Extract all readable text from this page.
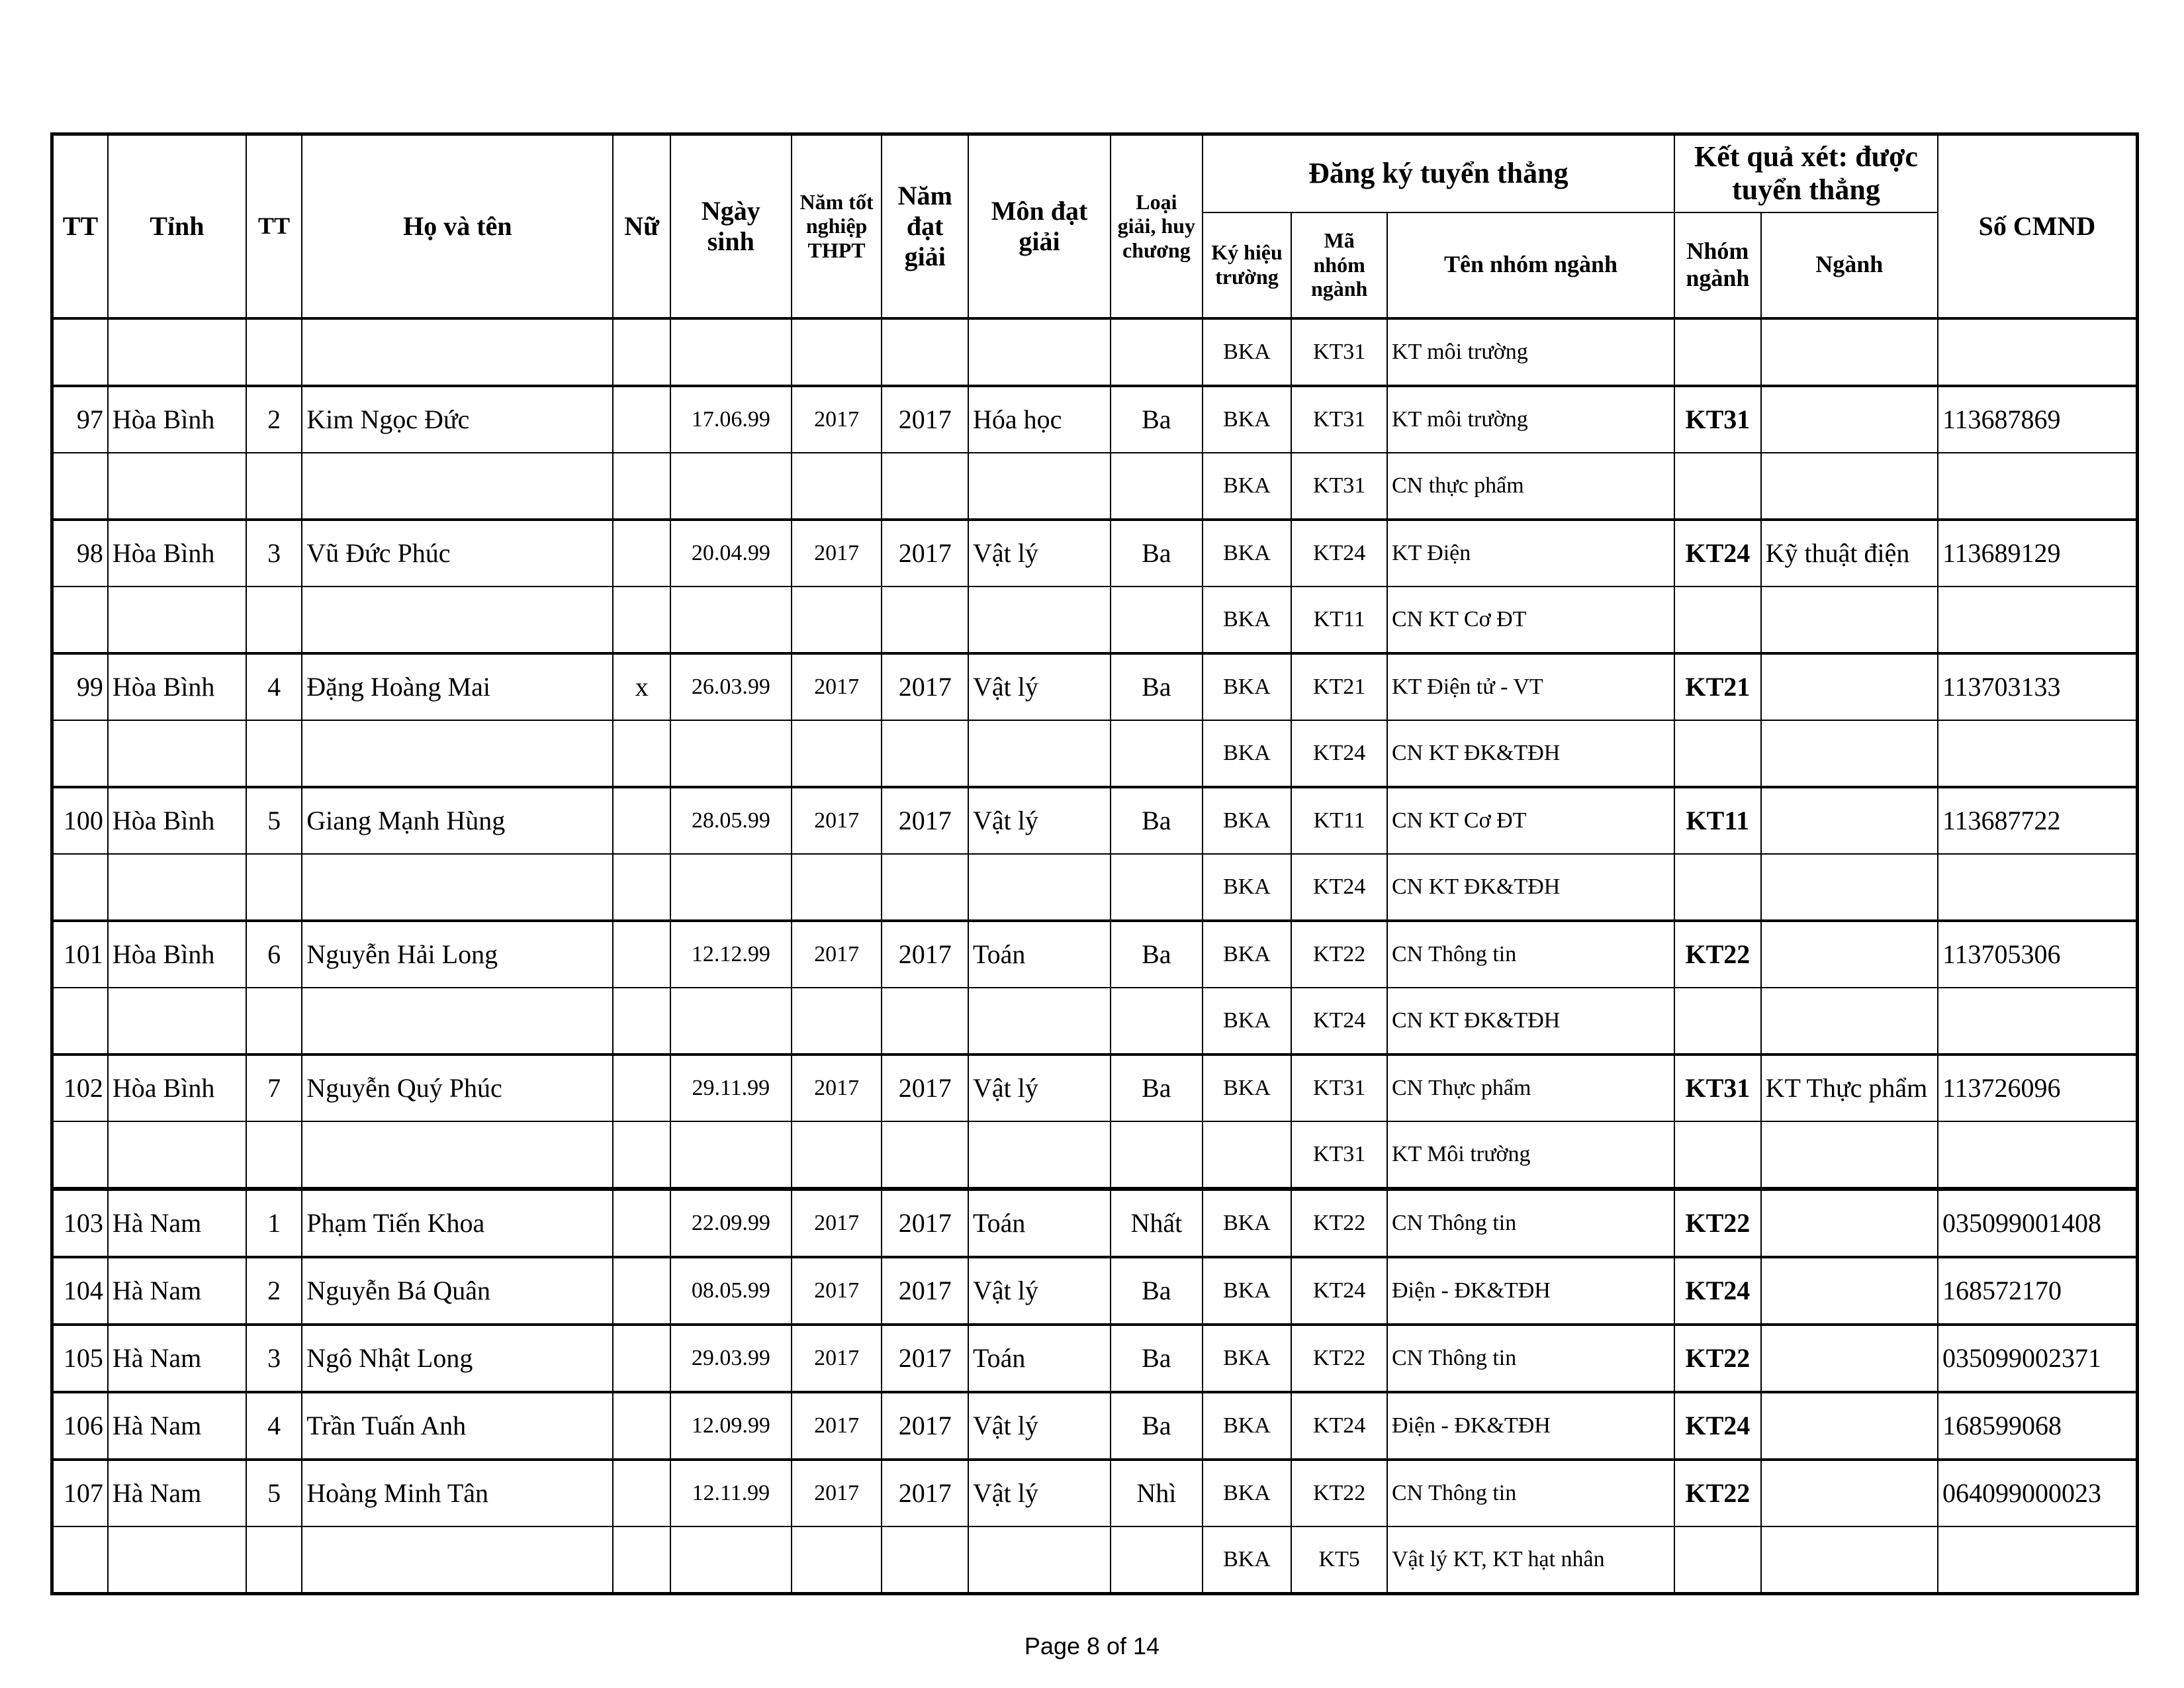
TT	Tỉnh	TT	Họ và tên	Nữ	Ngày sinh	Năm tốt nghiệp THPT	Năm đạt giải	Môn đạt giải	Loại giải, huy chương	Đăng ký tuyển thẳng			Kết quả xét: được tuyển thẳng		Số CMND
										Ký hiệu trường	Mã nhóm ngành	Tên nhóm ngành	Nhóm ngành	Ngành	
										BKA	KT31	KT môi trường			
97	Hòa Bình	2	Kim Ngọc Đức		17.06.99	2017	2017	Hóa học	Ba	BKA	KT31	KT môi trường	KT31		113687869
										BKA	KT31	CN thực phẩm			
98	Hòa Bình	3	Vũ Đức Phúc		20.04.99	2017	2017	Vật lý	Ba	BKA	KT24	KT Điện	KT24	Kỹ thuật điện	113689129
										BKA	KT11	CN KT Cơ ĐT			
99	Hòa Bình	4	Đặng Hoàng Mai	x	26.03.99	2017	2017	Vật lý	Ba	BKA	KT21	KT Điện tử - VT	KT21		113703133
										BKA	KT24	CN KT ĐK&TĐH			
100	Hòa Bình	5	Giang Mạnh Hùng		28.05.99	2017	2017	Vật lý	Ba	BKA	KT11	CN KT Cơ ĐT	KT11		113687722
										BKA	KT24	CN KT ĐK&TĐH			
101	Hòa Bình	6	Nguyễn Hải Long		12.12.99	2017	2017	Toán	Ba	BKA	KT22	CN Thông tin	KT22		113705306
										BKA	KT24	CN KT ĐK&TĐH			
102	Hòa Bình	7	Nguyễn Quý Phúc		29.11.99	2017	2017	Vật lý	Ba	BKA	KT31	CN Thực phẩm	KT31	KT Thực phẩm	113726096
											KT31	KT Môi trường			
103	Hà Nam	1	Phạm Tiến Khoa		22.09.99	2017	2017	Toán	Nhất	BKA	KT22	CN Thông tin	KT22		035099001408
104	Hà Nam	2	Nguyễn Bá Quân		08.05.99	2017	2017	Vật lý	Ba	BKA	KT24	Điện - ĐK&TĐH	KT24		168572170
105	Hà Nam	3	Ngô Nhật Long		29.03.99	2017	2017	Toán	Ba	BKA	KT22	CN Thông tin	KT22		035099002371
106	Hà Nam	4	Trần Tuấn Anh		12.09.99	2017	2017	Vật lý	Ba	BKA	KT24	Điện - ĐK&TĐH	KT24		168599068
107	Hà Nam	5	Hoàng Minh Tân		12.11.99	2017	2017	Vật lý	Nhì	BKA	KT22	CN Thông tin	KT22		064099000023
										BKA	KT5	Vật lý KT, KT hạt nhân			
Page 8 of 14
